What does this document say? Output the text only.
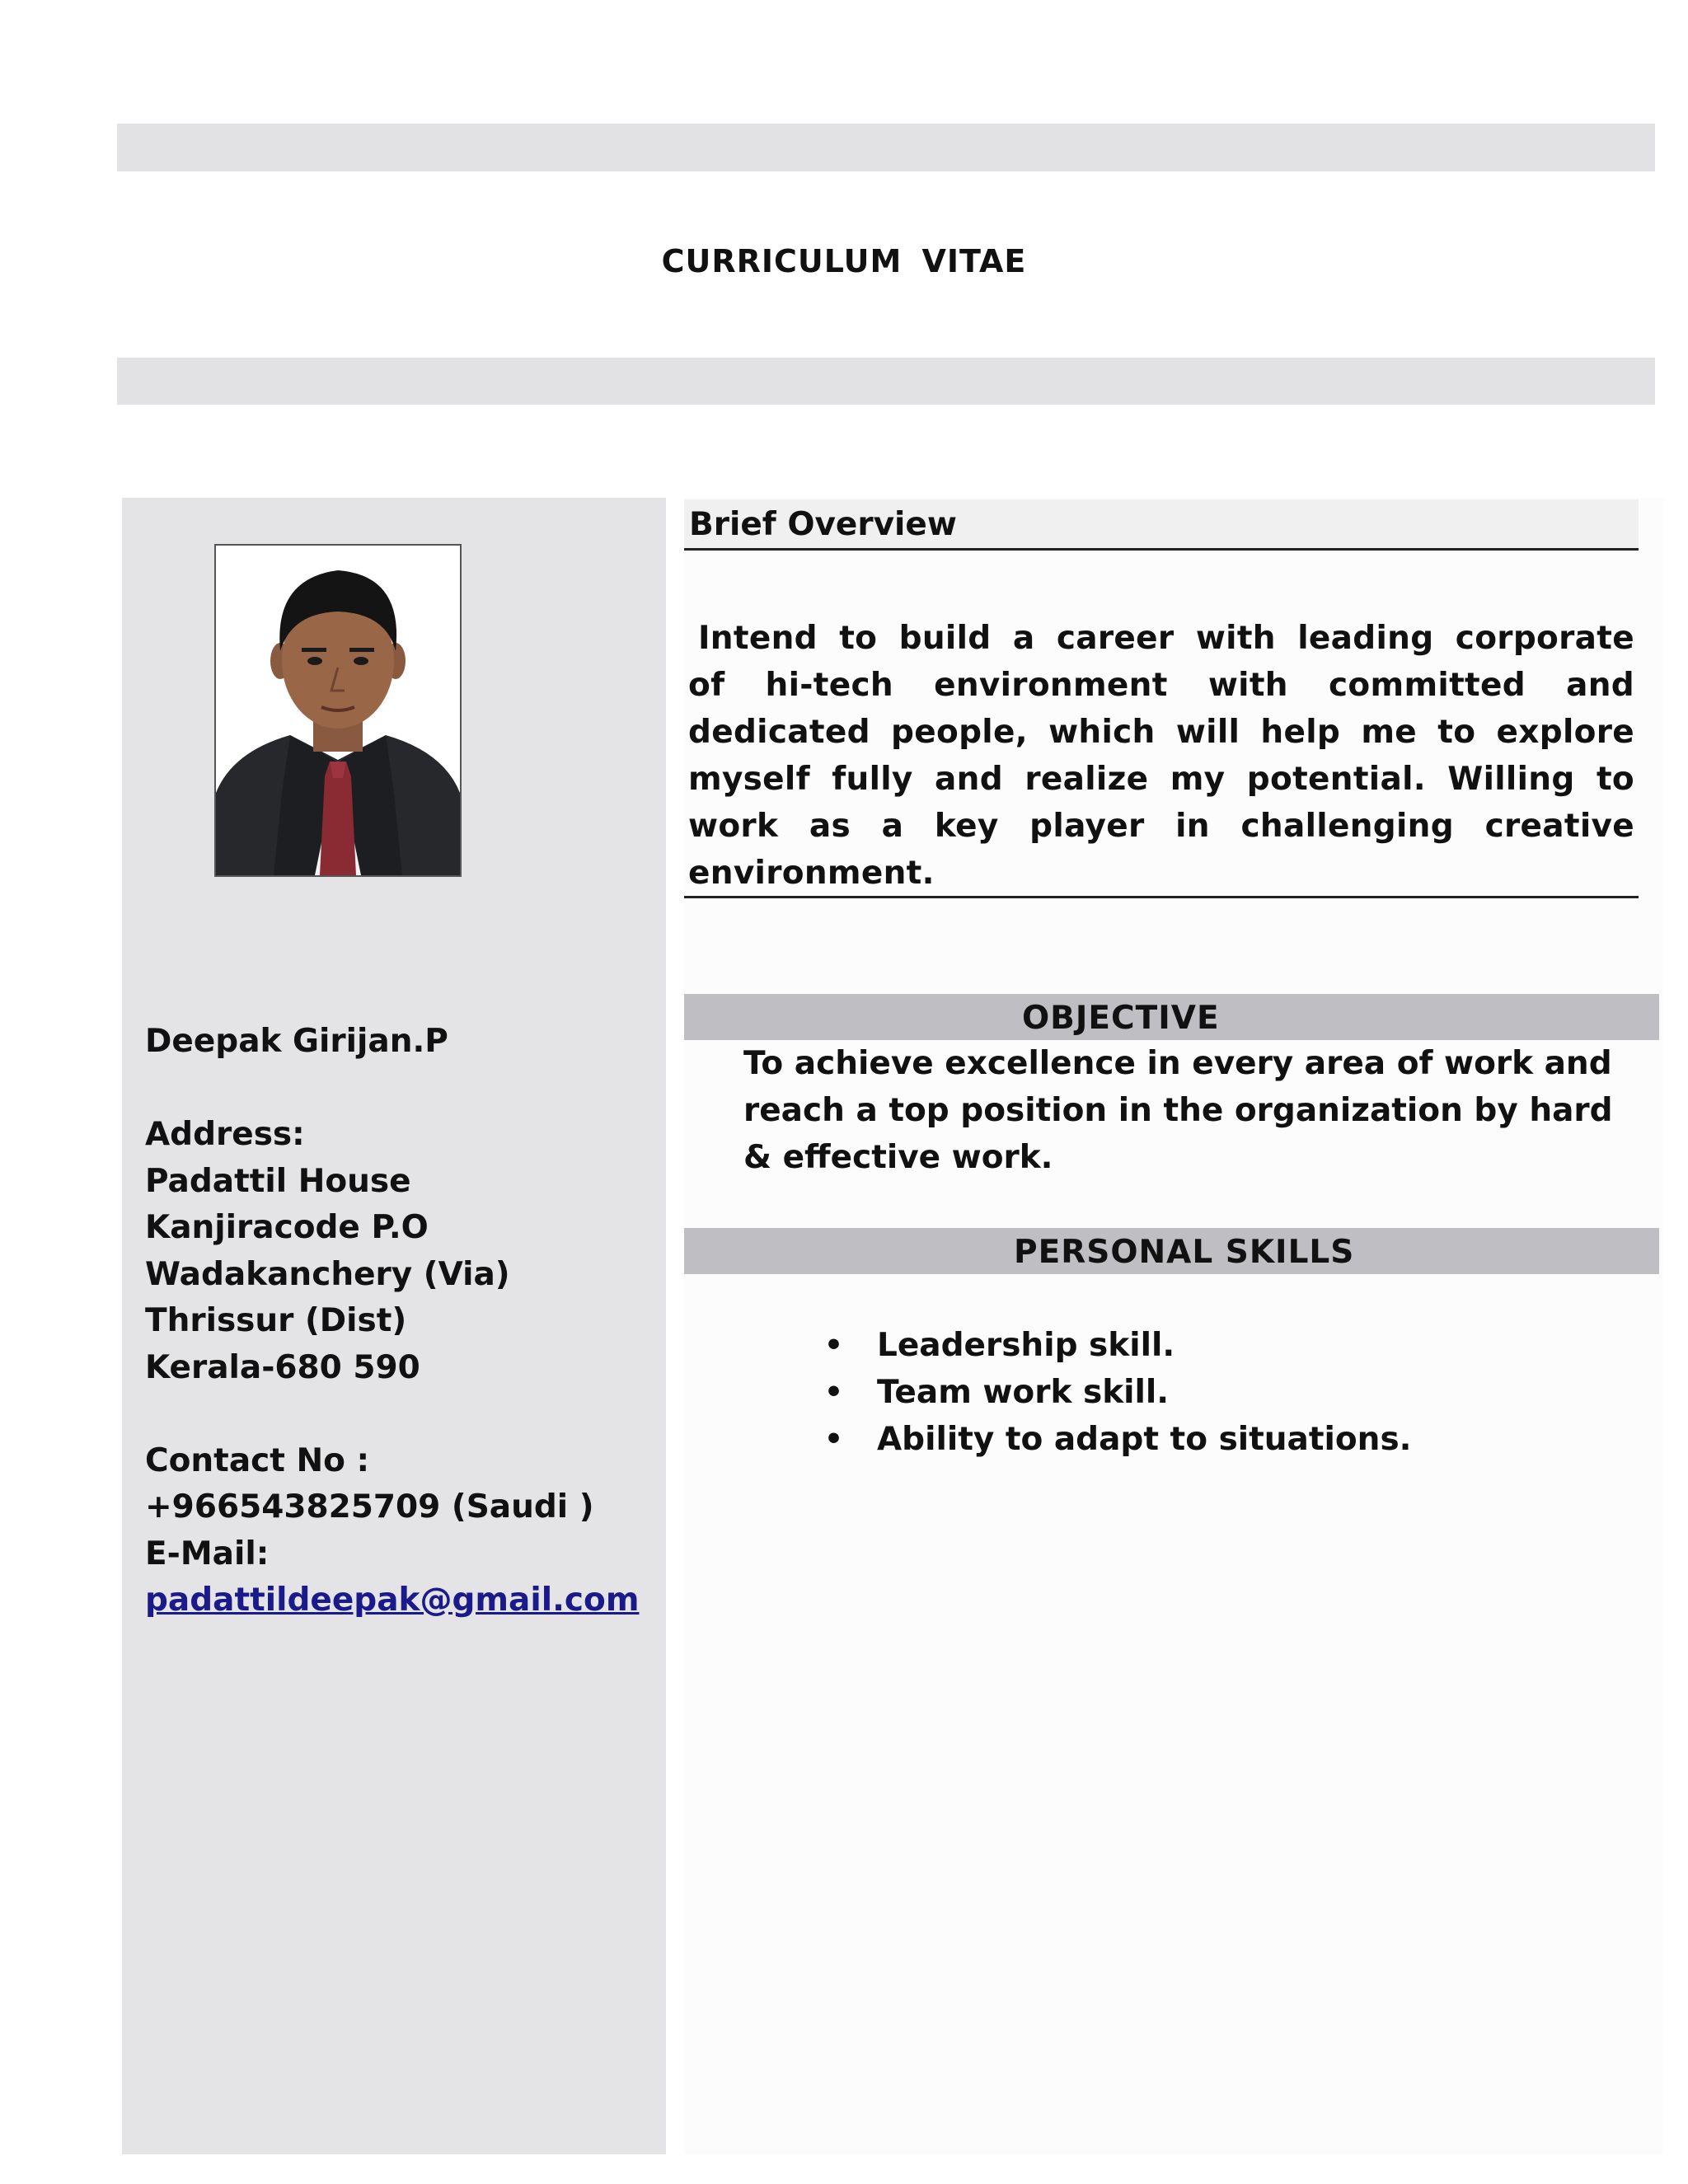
CURRICULUM VITAE
Deepak Girijan.P
Address:
Padattil House
Kanjiracode P.O
Wadakanchery (Via)
Thrissur (Dist)
Kerala-680 590
Contact No :
+966543825709 (Saudi )
E-Mail:
padattildeepak@gmail.com
Brief Overview
Intend to build a career with leading corporate of hi-tech environment with committed and dedicated people, which will help me to explore myself fully and realize my potential. Willing to work as a key player in challenging creative environment.
OBJECTIVE
To achieve excellence in every area of work and reach a top position in the organization by hard & effective work.
PERSONAL SKILLS
• Leadership skill.
• Team work skill.
• Ability to adapt to situations.
